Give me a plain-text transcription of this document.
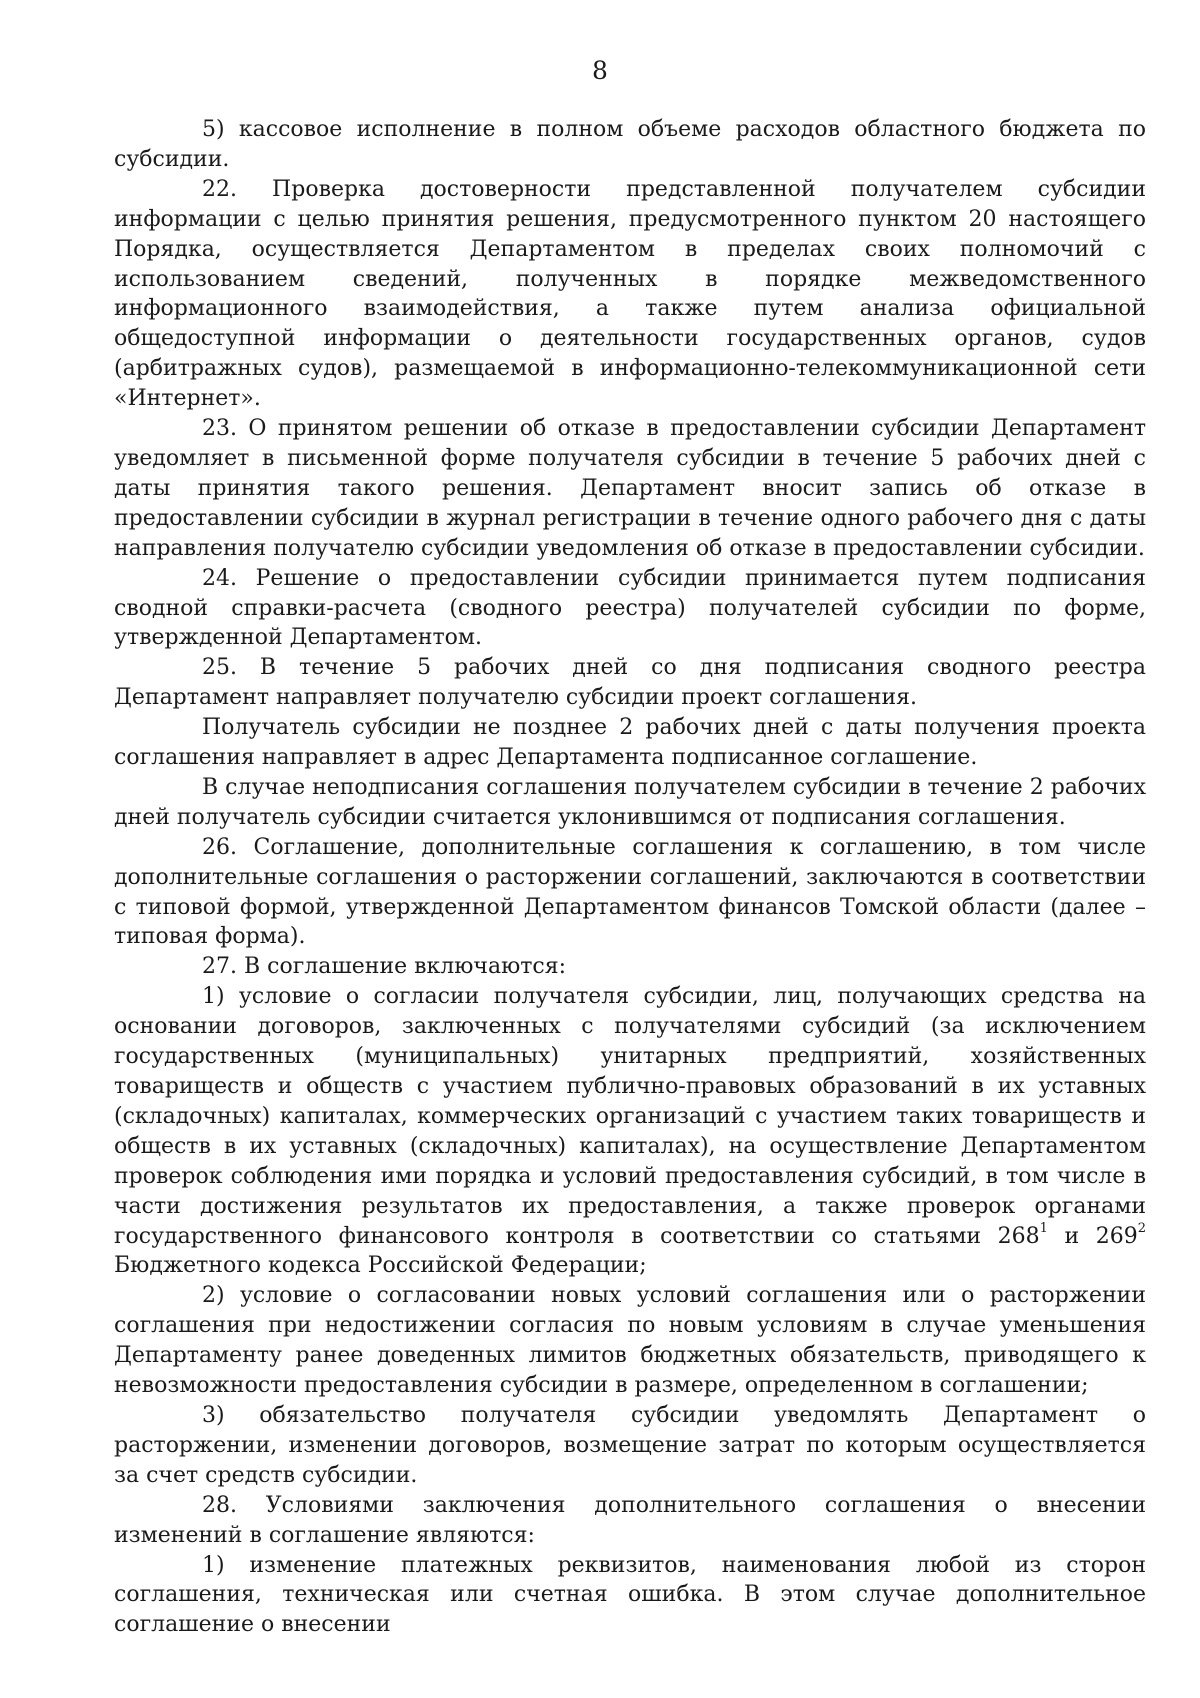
8

5) кассовое исполнение в полном объеме расходов областного бюджета по субсидии.

22. Проверка достоверности представленной получателем субсидии информации с целью принятия решения, предусмотренного пунктом 20 настоящего Порядка, осуществляется Департаментом в пределах своих полномочий с использованием сведений, полученных в порядке межведомственного информационного взаимодействия, а также путем анализа официальной общедоступной информации о деятельности государственных органов, судов (арбитражных судов), размещаемой в информационно-телекоммуникационной сети «Интернет».

23. О принятом решении об отказе в предоставлении субсидии Департамент уведомляет в письменной форме получателя субсидии в течение 5 рабочих дней с даты принятия такого решения. Департамент вносит запись об отказе в предоставлении субсидии в журнал регистрации в течение одного рабочего дня с даты направления получателю субсидии уведомления об отказе в предоставлении субсидии.

24. Решение о предоставлении субсидии принимается путем подписания сводной справки-расчета (сводного реестра) получателей субсидии по форме, утвержденной Департаментом.

25. В течение 5 рабочих дней со дня подписания сводного реестра Департамент направляет получателю субсидии проект соглашения.

Получатель субсидии не позднее 2 рабочих дней с даты получения проекта соглашения направляет в адрес Департамента подписанное соглашение.

В случае неподписания соглашения получателем субсидии в течение 2 рабочих дней получатель субсидии считается уклонившимся от подписания соглашения.

26. Соглашение, дополнительные соглашения к соглашению, в том числе дополнительные соглашения о расторжении соглашений, заключаются в соответствии с типовой формой, утвержденной Департаментом финансов Томской области (далее – типовая форма).

27. В соглашение включаются:

1) условие о согласии получателя субсидии, лиц, получающих средства на основании договоров, заключенных с получателями субсидий (за исключением государственных (муниципальных) унитарных предприятий, хозяйственных товариществ и обществ с участием публично-правовых образований в их уставных (складочных) капиталах, коммерческих организаций с участием таких товариществ и обществ в их уставных (складочных) капиталах), на осуществление Департаментом проверок соблюдения ими порядка и условий предоставления субсидий, в том числе в части достижения результатов их предоставления, а также проверок органами государственного финансового контроля в соответствии со статьями $268^1$ и $269^2$ Бюджетного кодекса Российской Федерации;

2) условие о согласовании новых условий соглашения или о расторжении соглашения при недостижении согласия по новым условиям в случае уменьшения Департаменту ранее доведенных лимитов бюджетных обязательств, приводящего к невозможности предоставления субсидии в размере, определенном в соглашении;

3) обязательство получателя субсидии уведомлять Департамент о расторжении, изменении договоров, возмещение затрат по которым осуществляется за счет средств субсидии.

28. Условиями заключения дополнительного соглашения о внесении изменений в соглашение являются:

1) изменение платежных реквизитов, наименования любой из сторон соглашения, техническая или счетная ошибка. В этом случае дополнительное соглашение о внесении
